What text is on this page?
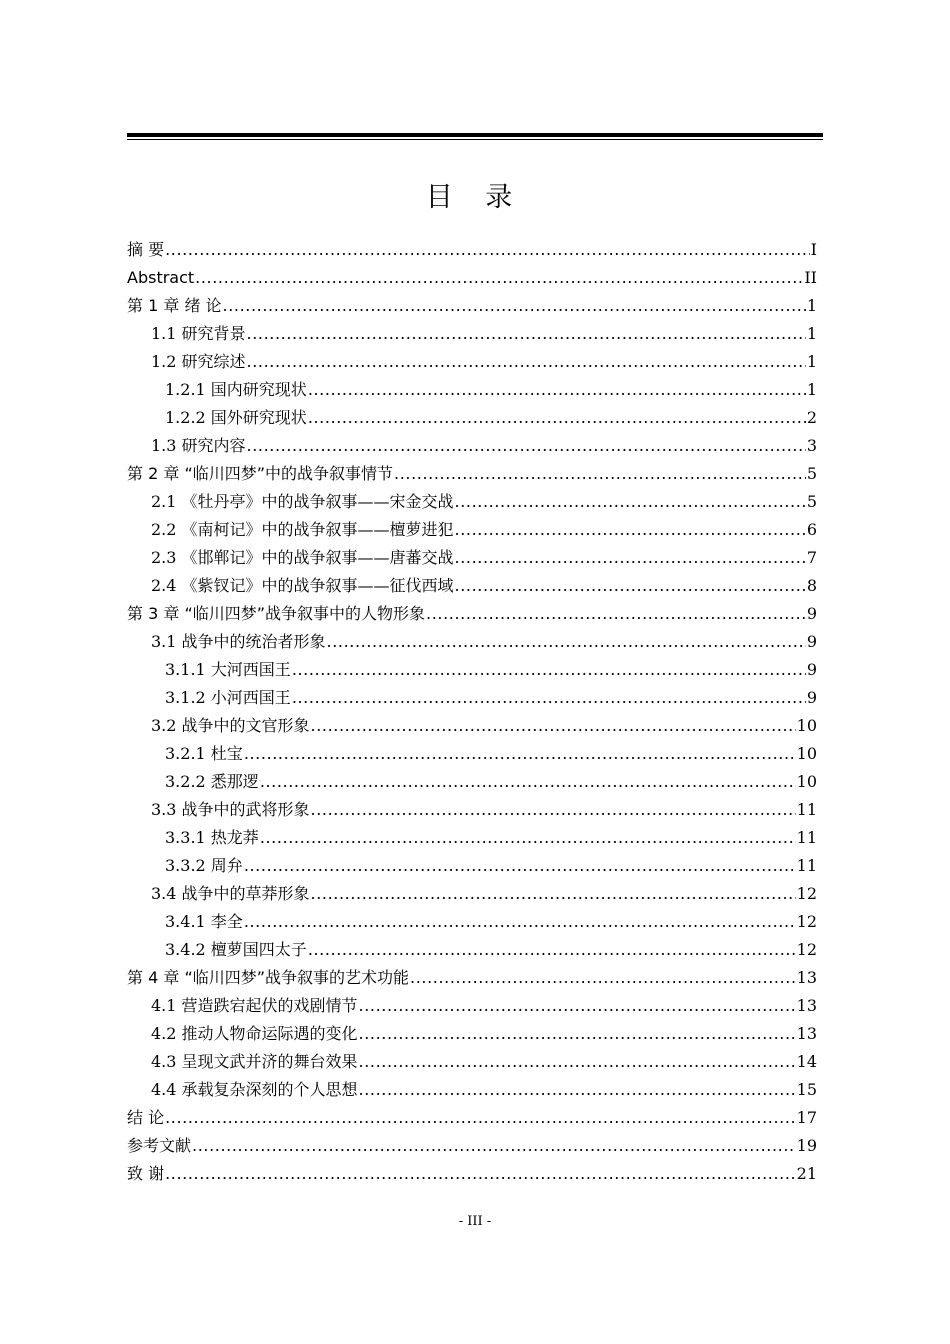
目 录
摘 要 .....	I
Abstract .....	II
第 1 章 绪 论 .....	1
1.1 研究背景 .....	1
1.2 研究综述 .....	1
1.2.1 国内研究现状 .....	1
1.2.2 国外研究现状 .....	2
1.3 研究内容 .....	3
第 2 章 “临川四梦”中的战争叙事情节 .....	5
2.1 《牡丹亭》中的战争叙事——宋金交战 .....	5
2.2 《南柯记》中的战争叙事——檀萝进犯 .....	6
2.3 《邯郸记》中的战争叙事——唐蕃交战 .....	7
2.4 《紫钗记》中的战争叙事——征伐西域 .....	8
第 3 章 “临川四梦”战争叙事中的人物形象 .....	9
3.1 战争中的统治者形象 .....	9
3.1.1 大河西国王 .....	9
3.1.2 小河西国王 .....	9
3.2 战争中的文官形象 .....	10
3.2.1 杜宝 .....	10
3.2.2 悉那逻 .....	10
3.3 战争中的武将形象 .....	11
3.3.1 热龙莽 .....	11
3.3.2 周弁 .....	11
3.4 战争中的草莽形象 .....	12
3.4.1 李全 .....	12
3.4.2 檀萝国四太子 .....	12
第 4 章 “临川四梦”战争叙事的艺术功能 .....	13
4.1 营造跌宕起伏的戏剧情节 .....	13
4.2 推动人物命运际遇的变化 .....	13
4.3 呈现文武并济的舞台效果 .....	14
4.4 承载复杂深刻的个人思想 .....	15
结 论 .....	17
参考文献 .....	19
致 谢 .....	21
- III -
